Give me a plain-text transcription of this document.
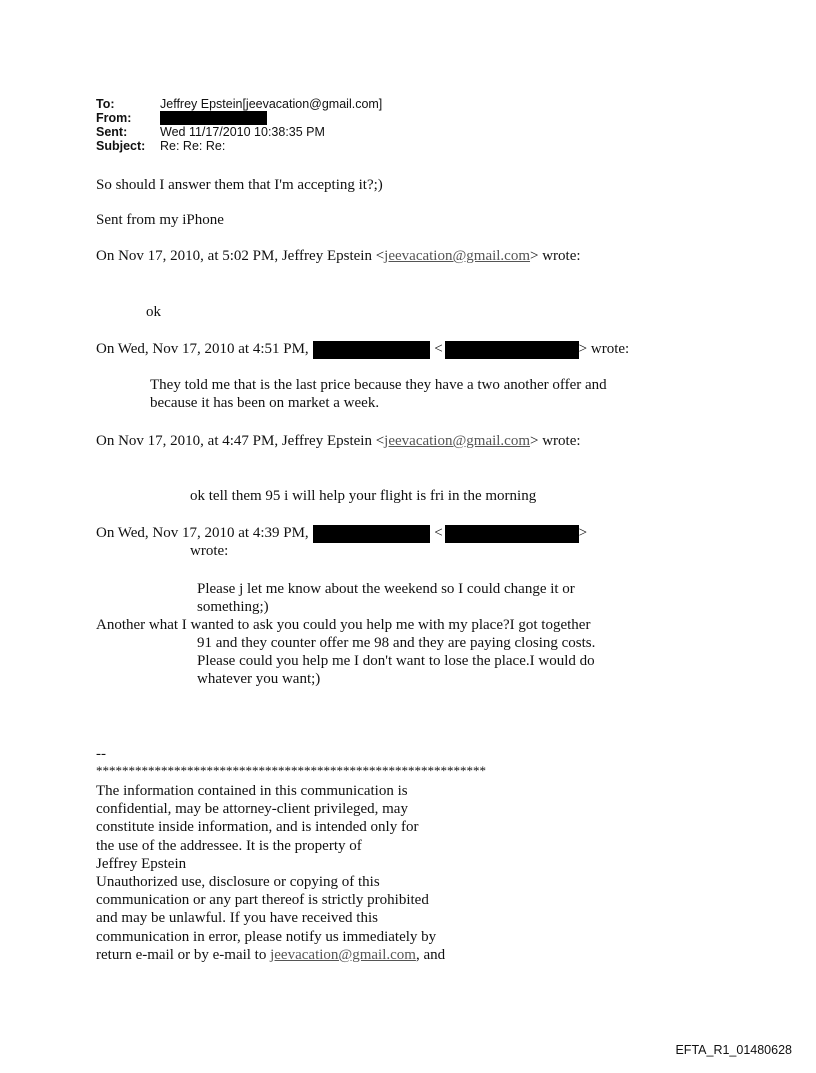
To:	Jeffrey Epstein[jeevacation@gmail.com]
From:
Sent:	Wed 11/17/2010 10:38:35 PM
Subject: Re: Re: Re:
So should I answer them that I'm accepting it?;)
Sent from my iPhone
On Nov 17, 2010, at 5:02 PM, Jeffrey Epstein <jeevacation@gmail.com> wrote:
ok
On Wed, Nov 17, 2010 at 4:51 PM,	<	> wrote:
They told me that is the last price because they have a two another offer and
because it has been on market a week.
On Nov 17, 2010, at 4:47 PM, Jeffrey Epstein <jeevacation@gmail.com> wrote:
ok tell them 95 i will help your flight is fri in the morning
On Wed, Nov 17, 2010 at 4:39 PM,	<	>
wrote:
Please j let me know about the weekend so I could change it or
something;)
Another what I wanted to ask you could you help me with my place?I got together
91 and they counter offer me 98 and they are paying closing costs.
Please could you help me I don't want to lose the place.I would do
whatever you want;)
--
************************************************************
The information contained in this communication is
confidential, may be attorney-client privileged, may
constitute inside information, and is intended only for
the use of the addressee. It is the property of
Jeffrey Epstein
Unauthorized use, disclosure or copying of this
communication or any part thereof is strictly prohibited
and may be unlawful. If you have received this
communication in error, please notify us immediately by
return e-mail or by e-mail to jeevacation@gmail.com, and
EFTA_R1_01480628
